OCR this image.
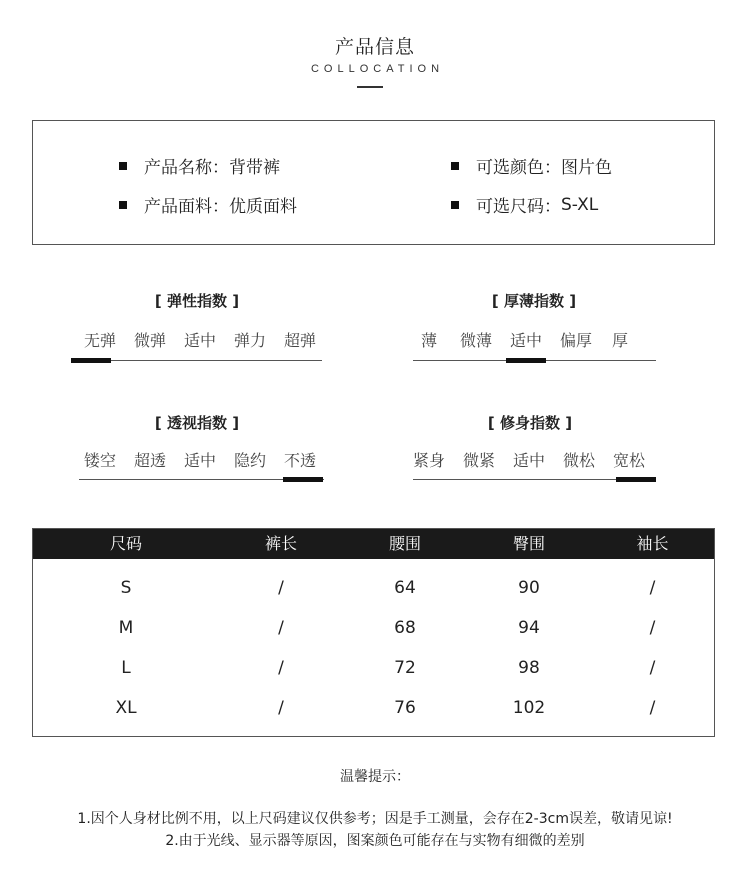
产品信息
COLLOCATION
产品名称 ： 背带裤
产品面料 ： 优质面料
可选颜色 ： 图片色
可选尺码 ： S-XL
[ 弹性指数 ]
无弹	微弹	适中	弹力	超弹
[ 厚薄指数 ]
薄	微薄	适中	偏厚	厚
[ 透视指数 ]
镂空	超透	适中	隐约	不透
[ 修身指数 ]
紧身	微紧	适中	微松	宽松
尺码	裤长	腰围	臀围	袖长
S	/	64	90	/
M	/	68	94	/
L	/	72	98	/
XL	/	76	102	/
温馨提示：
1.因个人身材比例不用，以上尺码建议仅供参考；因是手工测量，会存在2-3cm误差，敬请见谅!
2.由于光线、显示器等原因，图案颜色可能存在与实物有细微的差别
